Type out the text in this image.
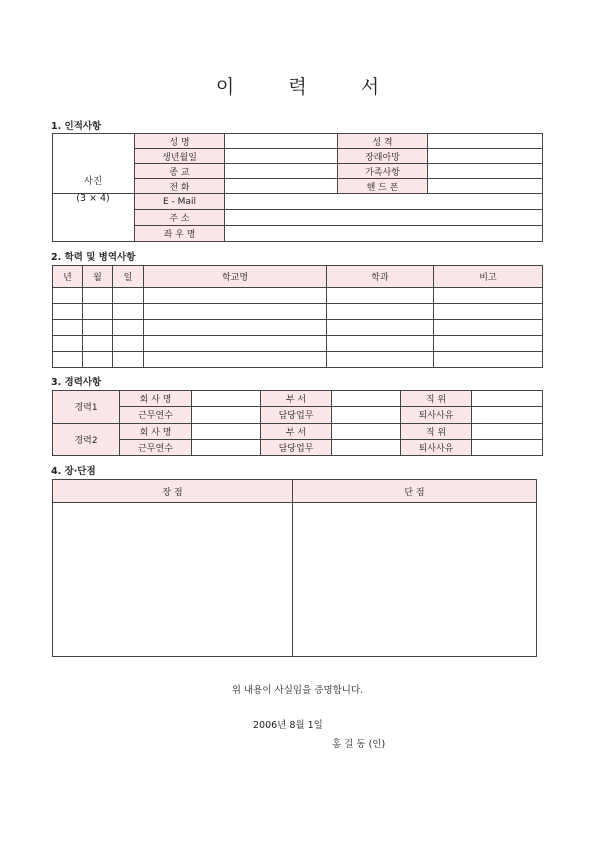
이	력	서
1. 인적사항
	성 명		성 격	
	생년월일		장래아망	
	종 교		가족사항	
	전 화		핸 드 폰	
	E - Mail			
	주 소			
	좌 우 명			
사진
(3 × 4)
2. 학력 및 병역사항
년	월	일	학교명	학과	비고

3. 경력사항
경력1	회 사 명		부 서		직 위	
	근무연수		담당업무		퇴사사유	
경력2	회 사 명		부 서		직 위	
	근무연수		담당업무		퇴사사유	
4. 장·단점
장 점	단 점

위 내용이 사실임을 증명합니다.
2006년 8월 1일
홍 길 동 (인)
